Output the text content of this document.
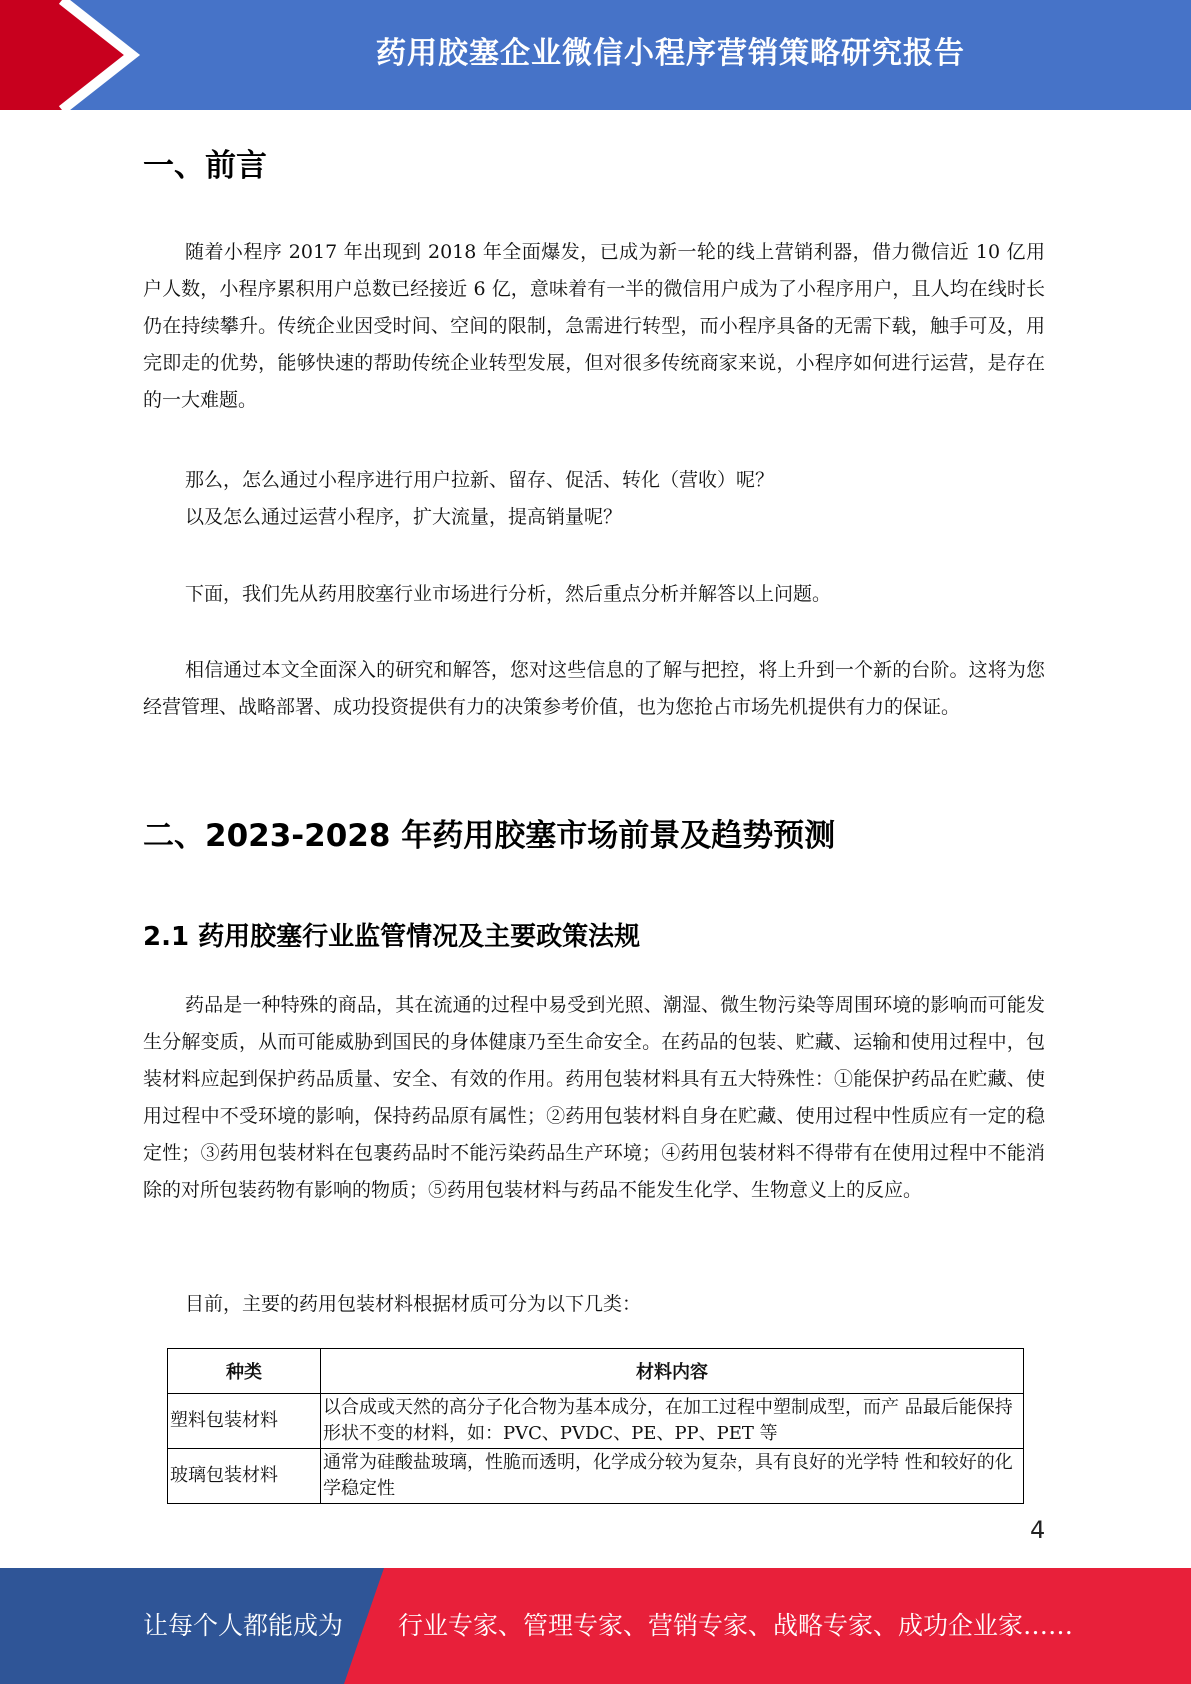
药用胶塞企业微信小程序营销策略研究报告
一、前言

随着小程序 2017 年出现到 2018 年全面爆发，已成为新一轮的线上营销利器，借力微信近 10 亿用户人数，小程序累积用户总数已经接近 6 亿，意味着有一半的微信用户成为了小程序用户，且人均在线时长仍在持续攀升。传统企业因受时间、空间的限制，急需进行转型，而小程序具备的无需下载，触手可及，用完即走的优势，能够快速的帮助传统企业转型发展，但对很多传统商家来说，小程序如何进行运营，是存在的一大难题。

那么，怎么通过小程序进行用户拉新、留存、促活、转化（营收）呢？
以及怎么通过运营小程序，扩大流量，提高销量呢？

下面，我们先从药用胶塞行业市场进行分析，然后重点分析并解答以上问题。

相信通过本文全面深入的研究和解答，您对这些信息的了解与把控，将上升到一个新的台阶。这将为您经营管理、战略部署、成功投资提供有力的决策参考价值，也为您抢占市场先机提供有力的保证。

二、2023-2028 年药用胶塞市场前景及趋势预测
2.1 药用胶塞行业监管情况及主要政策法规

药品是一种特殊的商品，其在流通的过程中易受到光照、潮湿、微生物污染等周围环境的影响而可能发生分解变质，从而可能威胁到国民的身体健康乃至生命安全。在药品的包装、贮藏、运输和使用过程中，包装材料应起到保护药品质量、安全、有效的作用。药用包装材料具有五大特殊性：①能保护药品在贮藏、使用过程中不受环境的影响，保持药品原有属性；②药用包装材料自身在贮藏、使用过程中性质应有一定的稳定性；③药用包装材料在包裹药品时不能污染药品生产环境；④药用包装材料不得带有在使用过程中不能消除的对所包装药物有影响的物质；⑤药用包装材料与药品不能发生化学、生物意义上的反应。

目前，主要的药用包装材料根据材质可分为以下几类：
种类	材料内容
塑料包装材料	以合成或天然的高分子化合物为基本成分，在加工过程中塑制成型，而产 品最后能保持形状不变的材料，如：PVC、PVDC、PE、PP、PET 等
玻璃包装材料	通常为硅酸盐玻璃，性脆而透明，化学成分较为复杂，具有良好的光学特 性和较好的化学稳定性
4
让每个人都能成为 行业专家、管理专家、营销专家、战略专家、成功企业家……
